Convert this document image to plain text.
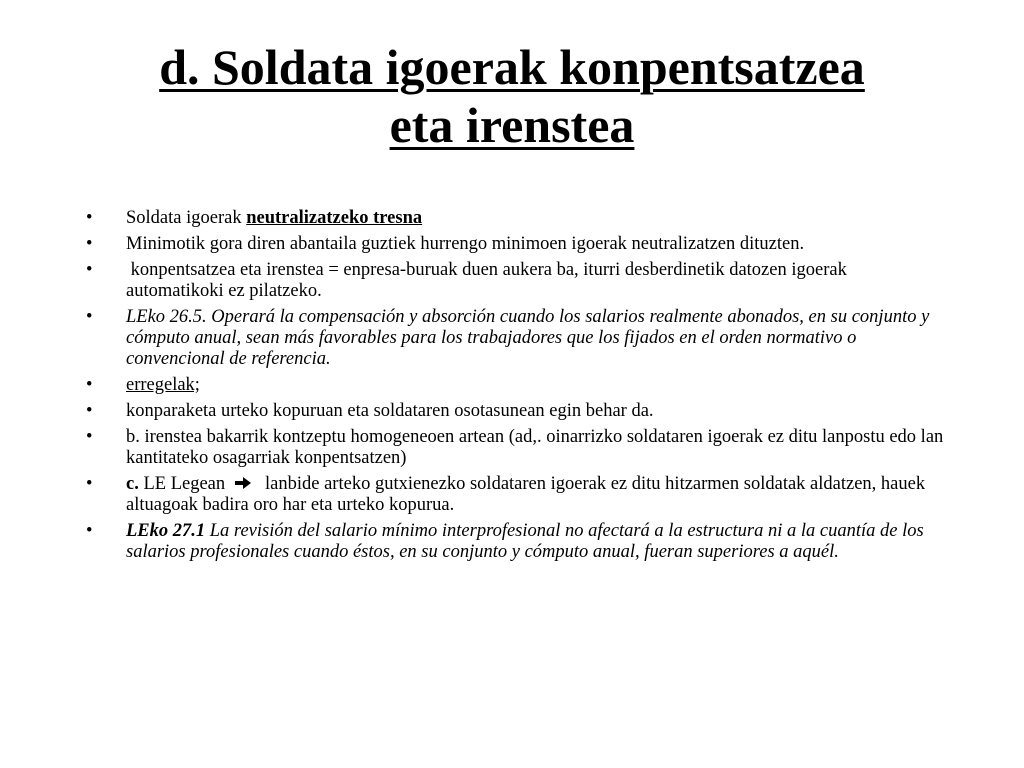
d. Soldata igoerak konpentsatzea
eta irenstea
•	Soldata igoerak neutralizatzeko tresna
•	Minimotik gora diren abantaila guztiek hurrengo minimoen igoerak neutralizatzen dituzten.
•	konpentsatzea eta irenstea = enpresa-buruak duen aukera ba, iturri desberdinetik datozen igoerak automatikoki ez pilatzeko.
•	LEko 26.5. Operará la compensación y absorción cuando los salarios realmente abonados, en su conjunto y cómputo anual, sean más favorables para los trabajadores que los fijados en el orden normativo o convencional de referencia.
•	erregelak;
•	konparaketa urteko kopuruan eta soldataren osotasunean egin behar da.
•	b. irenstea bakarrik kontzeptu homogeneoen artean (ad,. oinarrizko soldataren igoerak ez ditu lanpostu edo lan kantitateko osagarriak konpentsatzen)
•	c. LE Legean   lanbide arteko gutxienezko soldataren igoerak ez ditu hitzarmen soldatak aldatzen, hauek altuagoak badira oro har eta urteko kopurua.
•	LEko 27.1 La revisión del salario mínimo interprofesional no afectará a la estructura ni a la cuantía de los salarios profesionales cuando éstos, en su conjunto y cómputo anual, fueran superiores a aquél.
